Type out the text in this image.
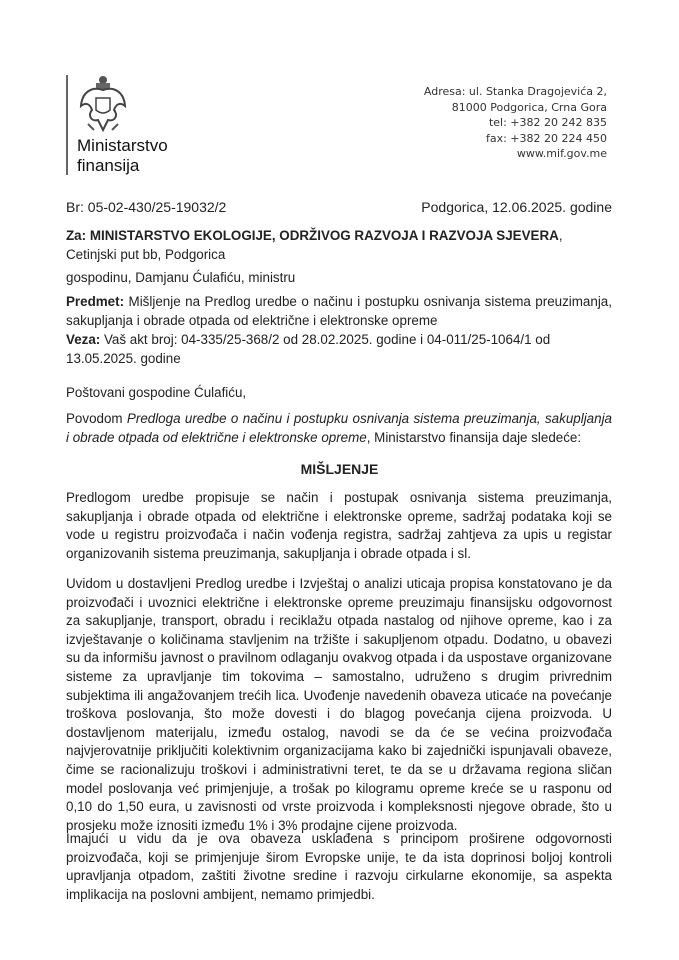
Ministarstvo
finansija
Adresa: ul. Stanka Dragojevića 2,
81000 Podgorica, Crna Gora
tel: +382 20 242 835
fax: +382 20 224 450
www.mif.gov.me
Br: 05-02-430/25-19032/2	Podgorica, 12.06.2025. godine
Za: MINISTARSTVO EKOLOGIJE, ODRŽIVOG RAZVOJA I RAZVOJA SJEVERA, Cetinjski put bb, Podgorica
gospodinu, Damjanu Ćulafiću, ministru
Predmet: Mišljenje na Predlog uredbe o načinu i postupku osnivanja sistema preuzimanja, sakupljanja i obrade otpada od električne i elektronske opreme
Veza: Vaš akt broj: 04-335/25-368/2 od 28.02.2025. godine i 04-011/25-1064/1 od 13.05.2025. godine
Poštovani gospodine Ćulafiću,
Povodom Predloga uredbe o načinu i postupku osnivanja sistema preuzimanja, sakupljanja i obrade otpada od električne i elektronske opreme, Ministarstvo finansija daje sledeće:
MIŠLJENJE
Predlogom uredbe propisuje se način i postupak osnivanja sistema preuzimanja, sakupljanja i obrade otpada od električne i elektronske opreme, sadržaj podataka koji se vode u registru proizvođača i način vođenja registra, sadržaj zahtjeva za upis u registar organizovanih sistema preuzimanja, sakupljanja i obrade otpada i sl.
Uvidom u dostavljeni Predlog uredbe i Izvještaj o analizi uticaja propisa konstatovano je da proizvođači i uvoznici električne i elektronske opreme preuzimaju finansijsku odgovornost za sakupljanje, transport, obradu i reciklažu otpada nastalog od njihove opreme, kao i za izvještavanje o količinama stavljenim na tržište i sakupljenom otpadu. Dodatno, u obavezi su da informišu javnost o pravilnom odlaganju ovakvog otpada i da uspostave organizovane sisteme za upravljanje tim tokovima – samostalno, udruženo s drugim privrednim subjektima ili angažovanjem trećih lica. Uvođenje navedenih obaveza uticaće na povećanje troškova poslovanja, što može dovesti i do blagog povećanja cijena proizvoda. U dostavljenom materijalu, između ostalog, navodi se da će se većina proizvođača najvjerovatnije priključiti kolektivnim organizacijama kako bi zajednički ispunjavali obaveze, čime se racionalizuju troškovi i administrativni teret, te da se u državama regiona sličan model poslovanja već primjenjuje, a trošak po kilogramu opreme kreće se u rasponu od 0,10 do 1,50 eura, u zavisnosti od vrste proizvoda i kompleksnosti njegove obrade, što u prosjeku može iznositi između 1% i 3% prodajne cijene proizvoda.
Imajući u vidu da je ova obaveza usklađena s principom proširene odgovornosti proizvođača, koji se primjenjuje širom Evropske unije, te da ista doprinosi boljoj kontroli upravljanja otpadom, zaštiti životne sredine i razvoju cirkularne ekonomije, sa aspekta implikacija na poslovni ambijent, nemamo primjedbi.
